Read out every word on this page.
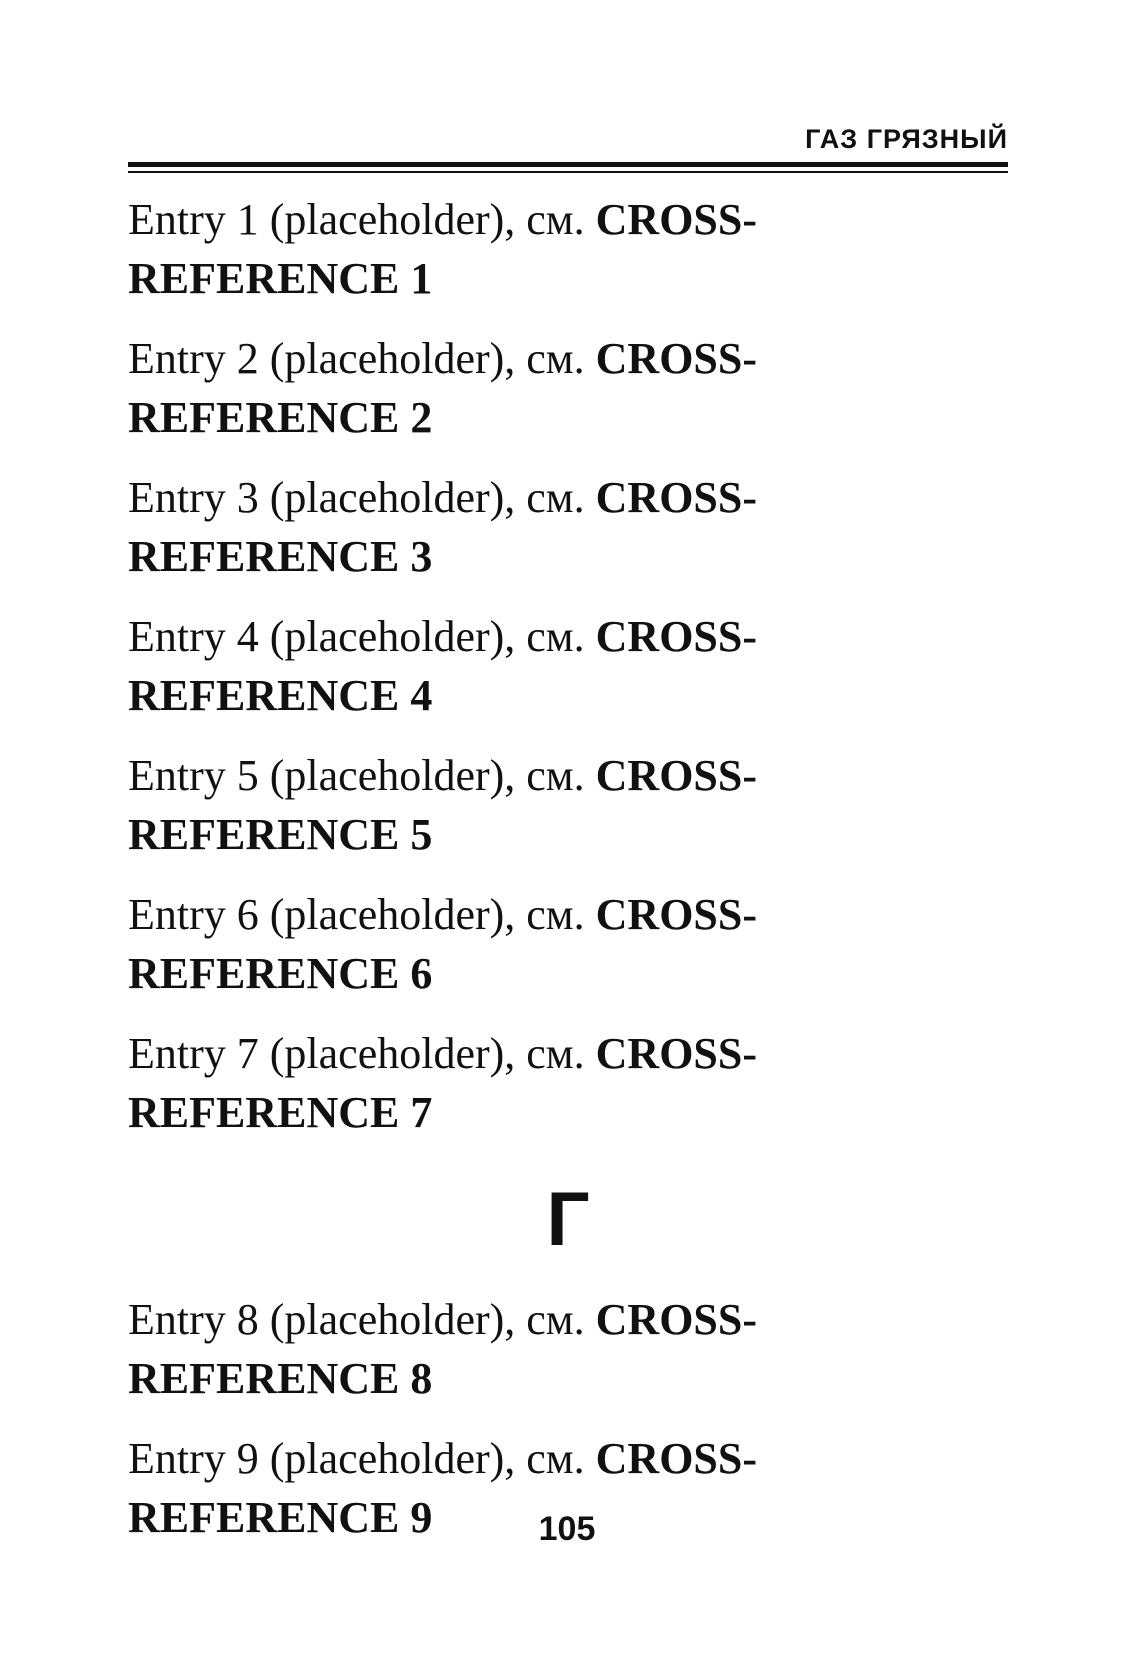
ГАЗ ГРЯЗНЫЙ

Entry 1 (placeholder), см. CROSS-REFERENCE 1

Entry 2 (placeholder), см. CROSS-REFERENCE 2

Entry 3 (placeholder), см. CROSS-REFERENCE 3

Entry 4 (placeholder), см. CROSS-REFERENCE 4

Entry 5 (placeholder), см. CROSS-REFERENCE 5

Entry 6 (placeholder), см. CROSS-REFERENCE 6

Entry 7 (placeholder), см. CROSS-REFERENCE 7

Г

Entry 8 (placeholder), см. CROSS-REFERENCE 8

Entry 9 (placeholder), см. CROSS-REFERENCE 9	105
